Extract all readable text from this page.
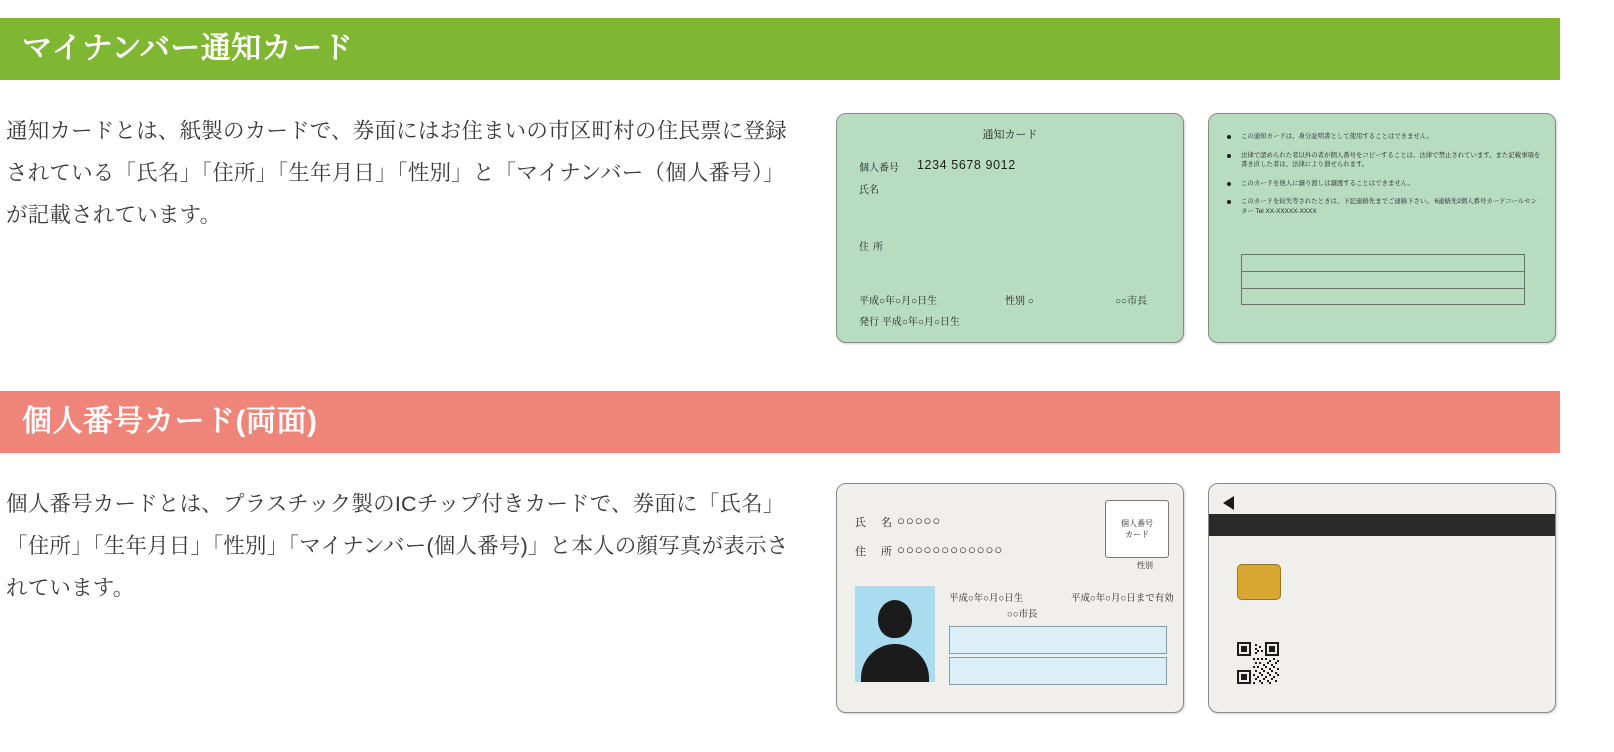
マイナンバー通知カード
通知カードとは、紙製のカードで、券面にはお住まいの市区町村の住民票に登録されている「氏名」「住所」「生年月日」「性別」と「マイナンバー（個人番号）」が記載されています。
通知カード
個人番号 1234 5678 9012
氏名
住所
平成○年○月○日生	性別 ○	○○市長
発行 平成○年○月○日生
この通知カードは、身分証明書として使用することはできません。
法律で認められた者以外の者が個人番号をコピーすることは、法律で禁止されています。また記載事項を書き直した者は、法律により罰せられます。
このカードを他人に譲り渡しは譲渡することはできません。
このカードを紛失等されたときは、下記連絡先までご連絡下さい。 6連絡先2個人番号カードコールセンター Tel XX-XXXXX-XXXX
個人番号カード(両面)
個人番号カードとは、プラスチック製のICチップ付きカードで、券面に「氏名」「住所」「生年月日」「性別」「マイナンバー(個人番号)」と本人の顔写真が表示されています。
氏 名
○○○○○
住 所
○○○○○○○○○○○○
個人番号
カード
性別
平成○年○月○日生	平成○年○月○日まで有効
○○市長
